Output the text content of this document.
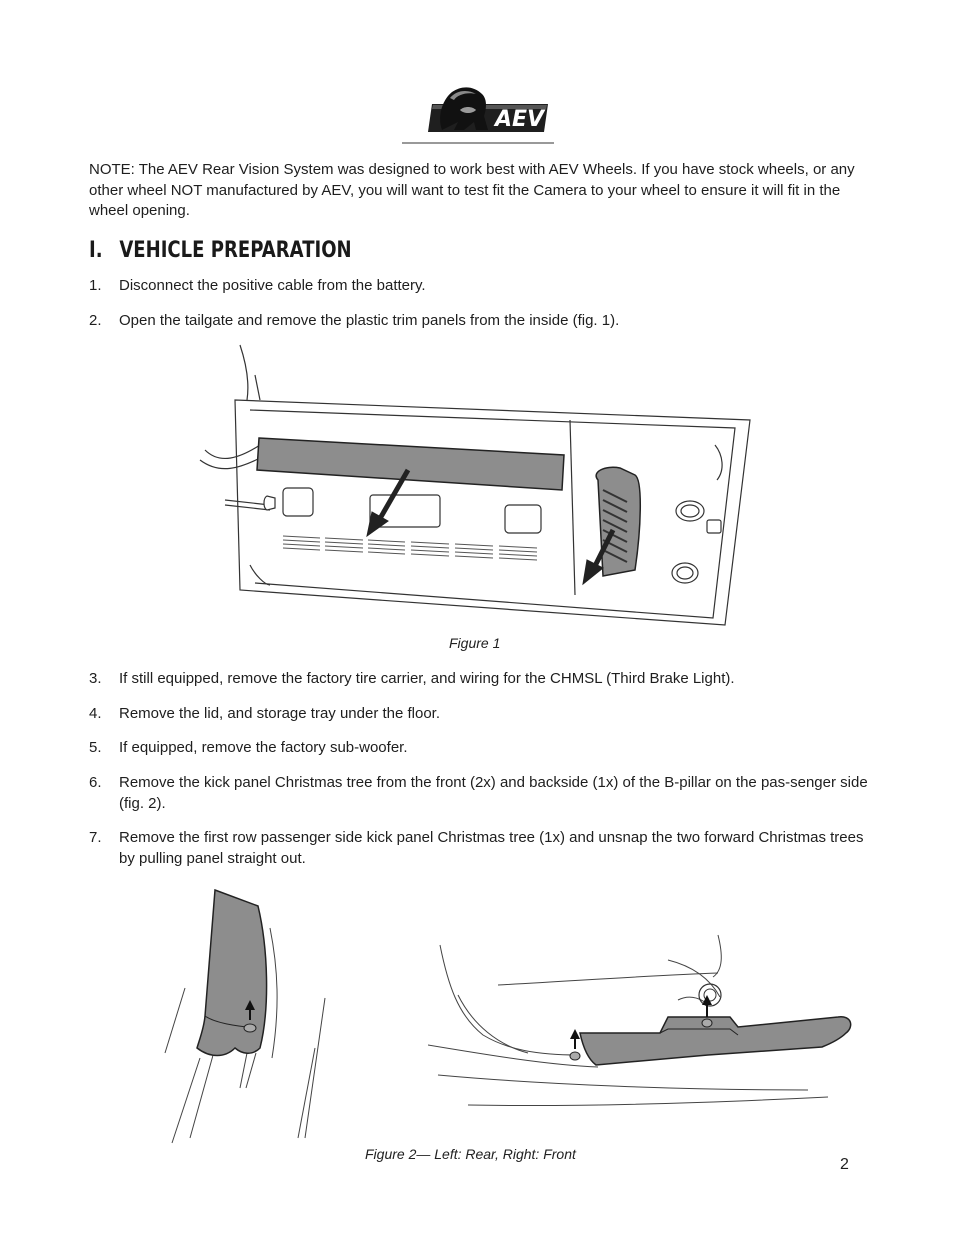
AEV

NOTE: The AEV Rear Vision System was designed to work best with AEV Wheels. If you have stock wheels, or any other wheel NOT manufactured by AEV, you will want to test fit the Camera to your wheel to ensure it will fit in the wheel opening.

I. VEHICLE PREPARATION
1. Disconnect the positive cable from the battery.
2. Open the tailgate and remove the plastic trim panels from the inside (fig. 1).
Figure 1
3. If still equipped, remove the factory tire carrier, and wiring for the CHMSL (Third Brake Light).
4. Remove the lid, and storage tray under the floor.
5. If equipped, remove the factory sub-woofer.
6. Remove the kick panel Christmas tree from the front (2x) and backside (1x) of the B-pillar on the pas-senger side (fig. 2).
7. Remove the first row passenger side kick panel Christmas tree (1x) and unsnap the two forward Christmas trees by pulling panel straight out.
Figure 2— Left: Rear, Right: Front
2
